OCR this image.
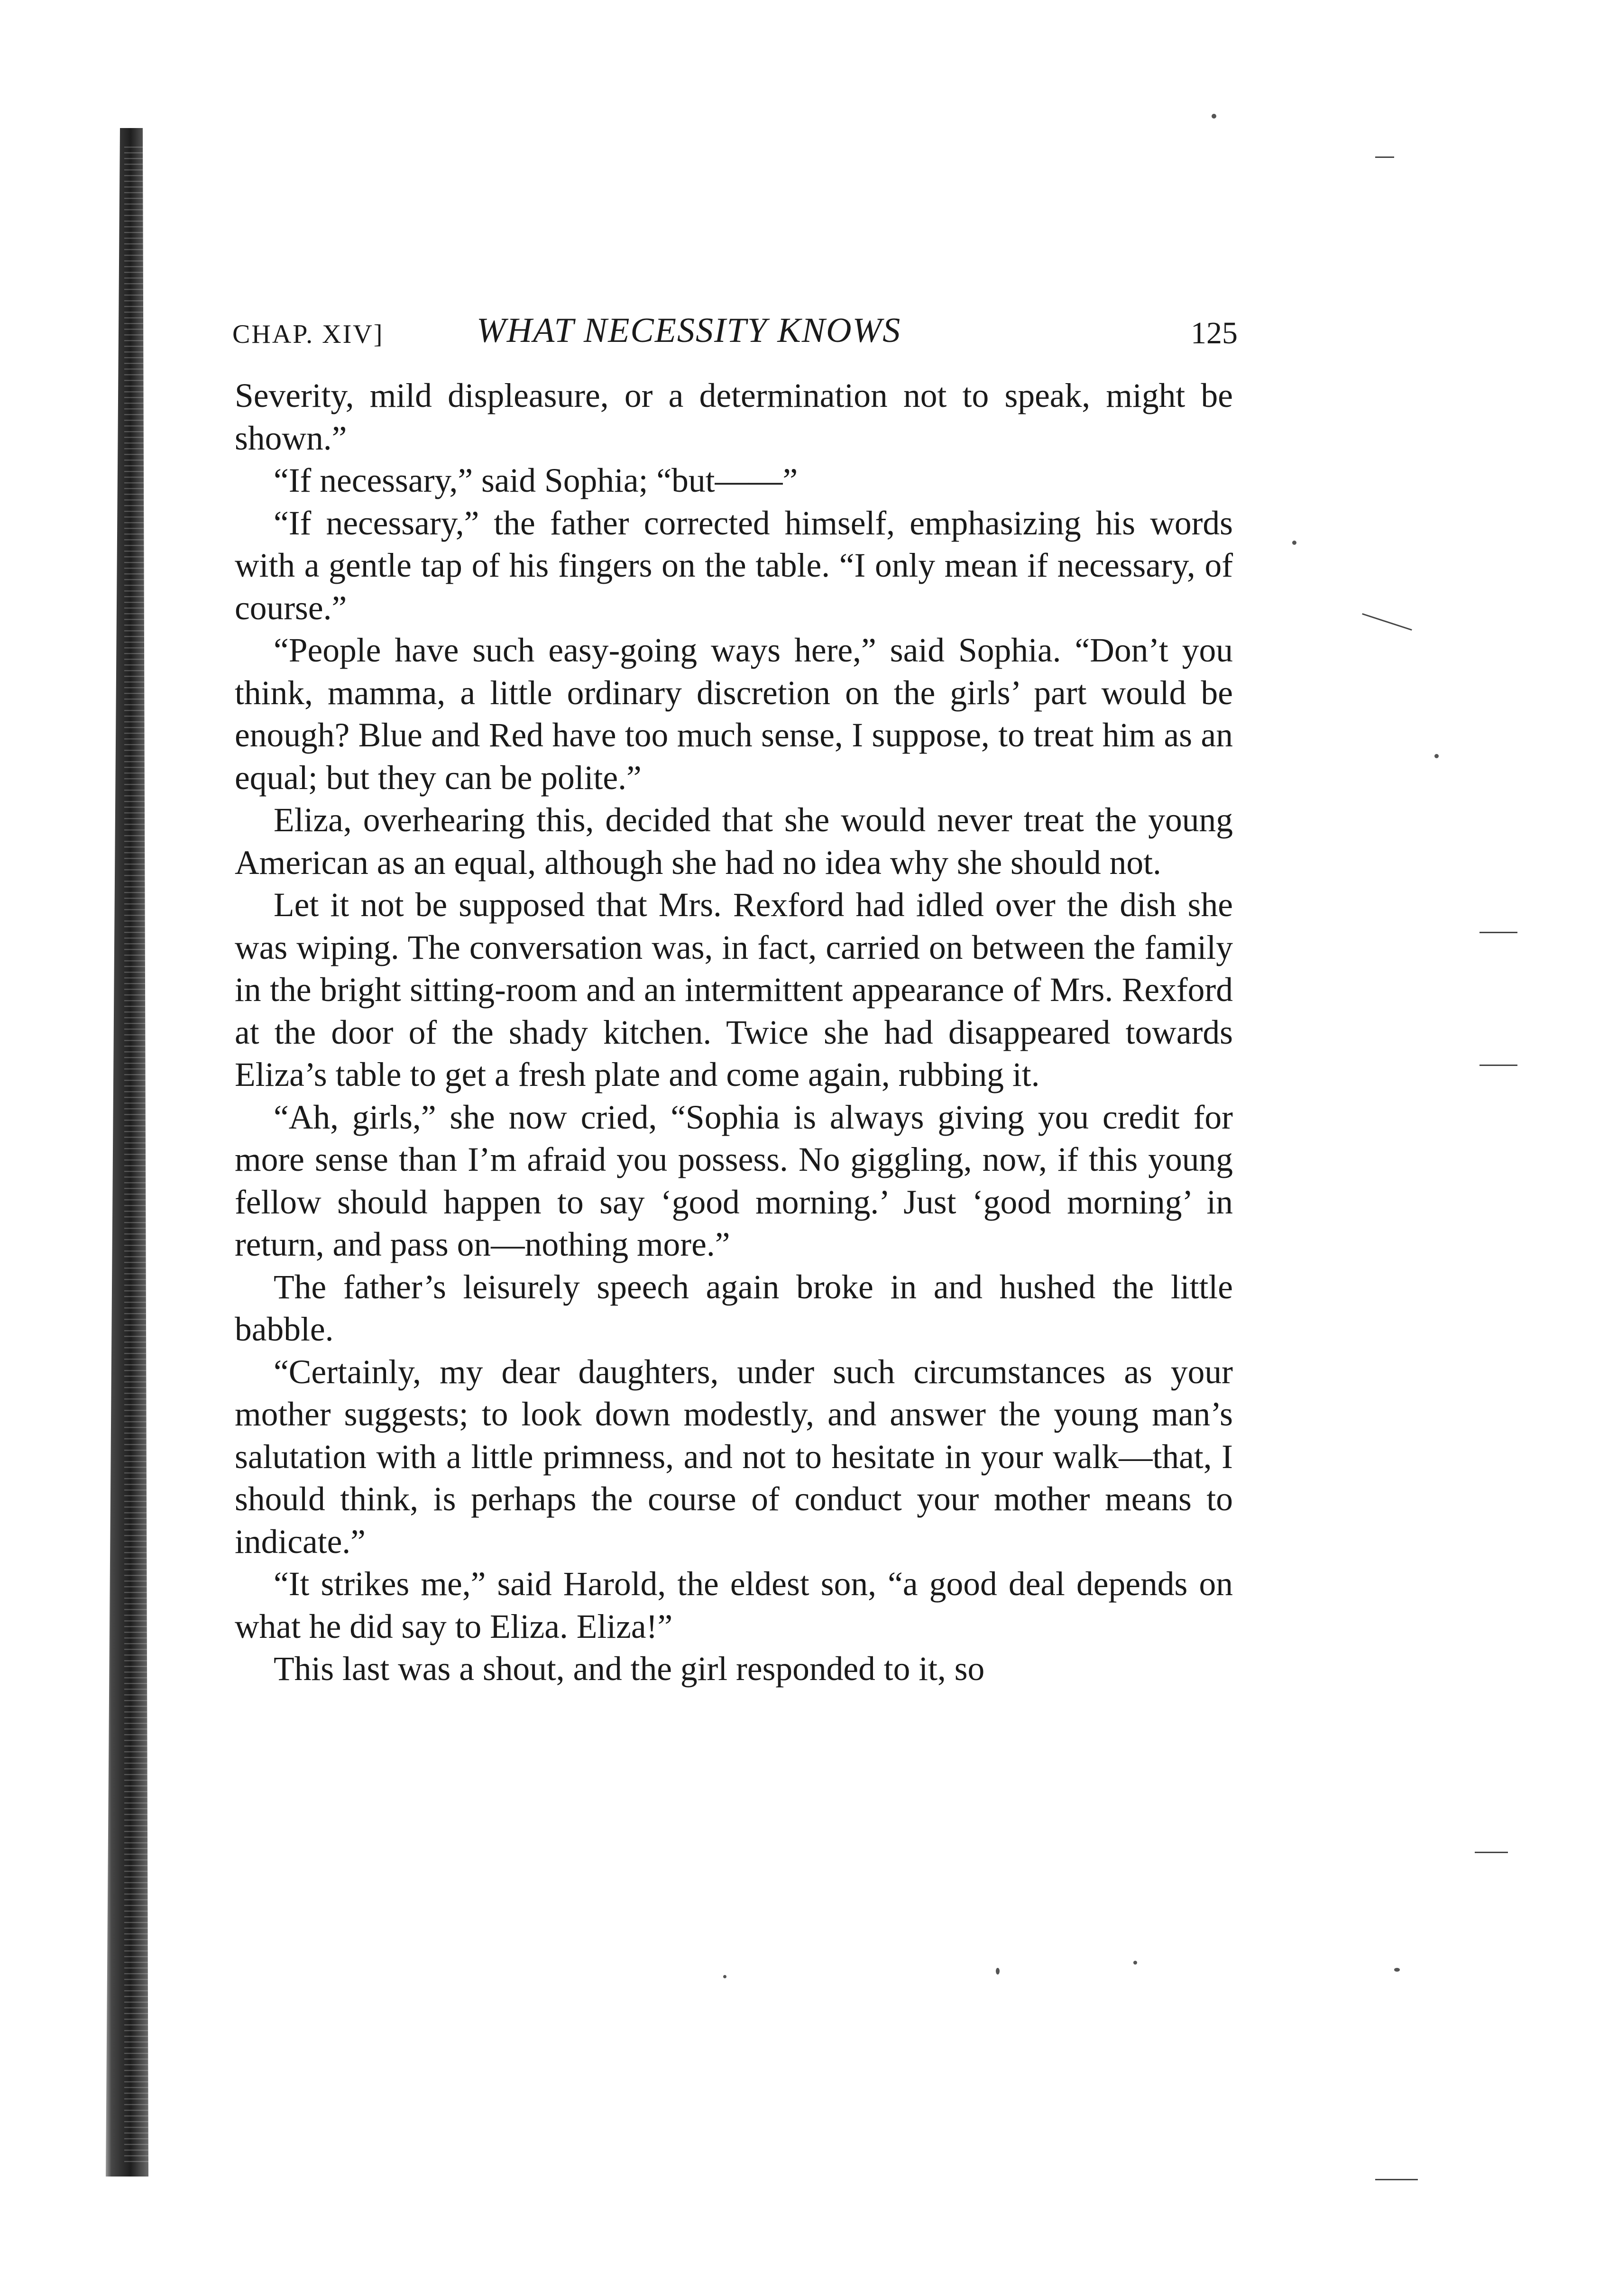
CHAP. XIV]	WHAT NECESSITY KNOWS	125

Severity, mild displeasure, or a determination not to speak, might be shown.”

“If necessary,” said Sophia; “but——”

“If necessary,” the father corrected himself, emphasizing his words with a gentle tap of his fingers on the table. “I only mean if necessary, of course.”

“People have such easy-going ways here,” said Sophia. “Don’t you think, mamma, a little ordinary discretion on the girls’ part would be enough? Blue and Red have too much sense, I suppose, to treat him as an equal; but they can be polite.”

Eliza, overhearing this, decided that she would never treat the young American as an equal, although she had no idea why she should not.

Let it not be supposed that Mrs. Rexford had idled over the dish she was wiping. The conversation was, in fact, carried on between the family in the bright sitting-room and an intermittent appearance of Mrs. Rexford at the door of the shady kitchen. Twice she had disappeared towards Eliza’s table to get a fresh plate and come again, rubbing it.

“Ah, girls,” she now cried, “Sophia is always giving you credit for more sense than I’m afraid you possess. No giggling, now, if this young fellow should happen to say ‘good morning.’ Just ‘good morning’ in return, and pass on—nothing more.”

The father’s leisurely speech again broke in and hushed the little babble.

“Certainly, my dear daughters, under such circumstances as your mother suggests; to look down modestly, and answer the young man’s salutation with a little primness, and not to hesitate in your walk—that, I should think, is perhaps the course of conduct your mother means to indicate.”

“It strikes me,” said Harold, the eldest son, “a good deal depends on what he did say to Eliza. Eliza!”

This last was a shout, and the girl responded to it, so
